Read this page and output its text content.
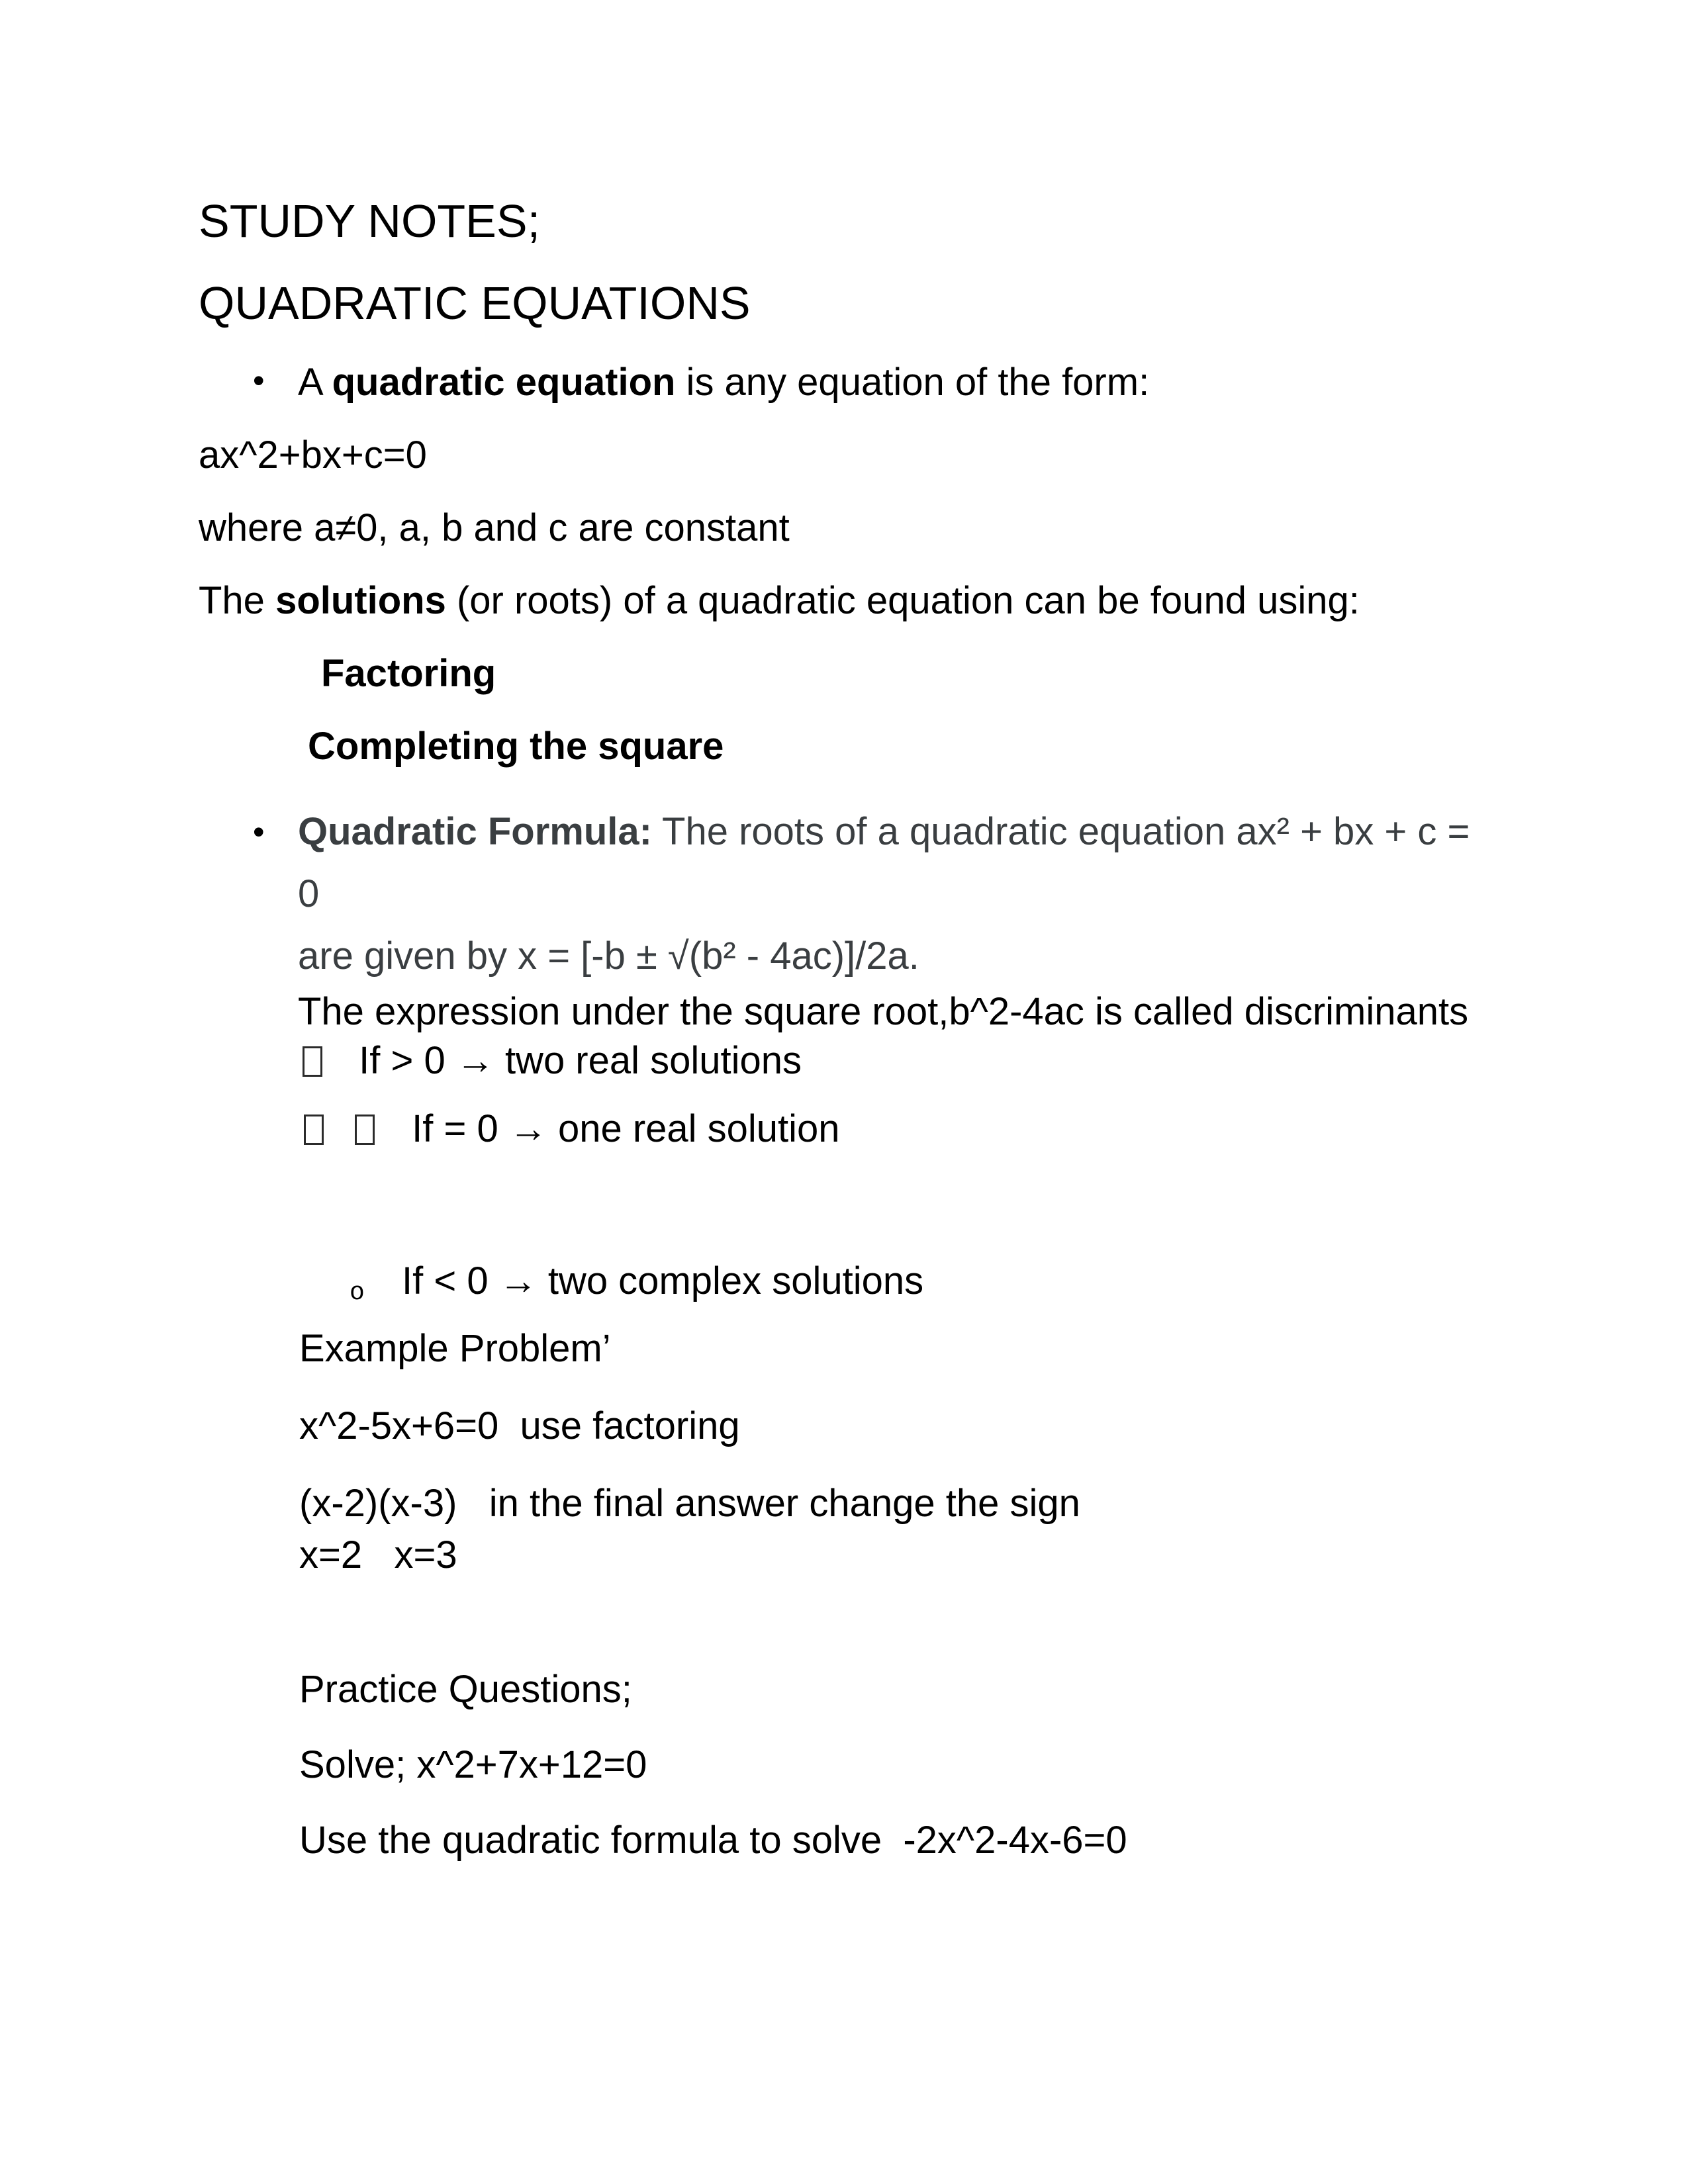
STUDY NOTES;
QUADRATIC EQUATIONS
• A quadratic equation is any equation of the form:
ax^2+bx+c=0
where a≠0, a, b and c are constant
The solutions (or roots) of a quadratic equation can be found using:
Factoring
Completing the square
• Quadratic Formula: The roots of a quadratic equation ax² + bx + c = 0
are given by x = [-b ± √(b² - 4ac)]/2a.
The expression under the square root,b^2-4ac is called discriminants
If > 0 → two real solutions
If = 0 → one real solution
o If < 0 → two complex solutions
Example Problem’
x^2-5x+6=0  use factoring
(x-2)(x-3)   in the final answer change the sign
x=2   x=3
Practice Questions;
Solve; x^2+7x+12=0
Use the quadratic formula to solve  -2x^2-4x-6=0
